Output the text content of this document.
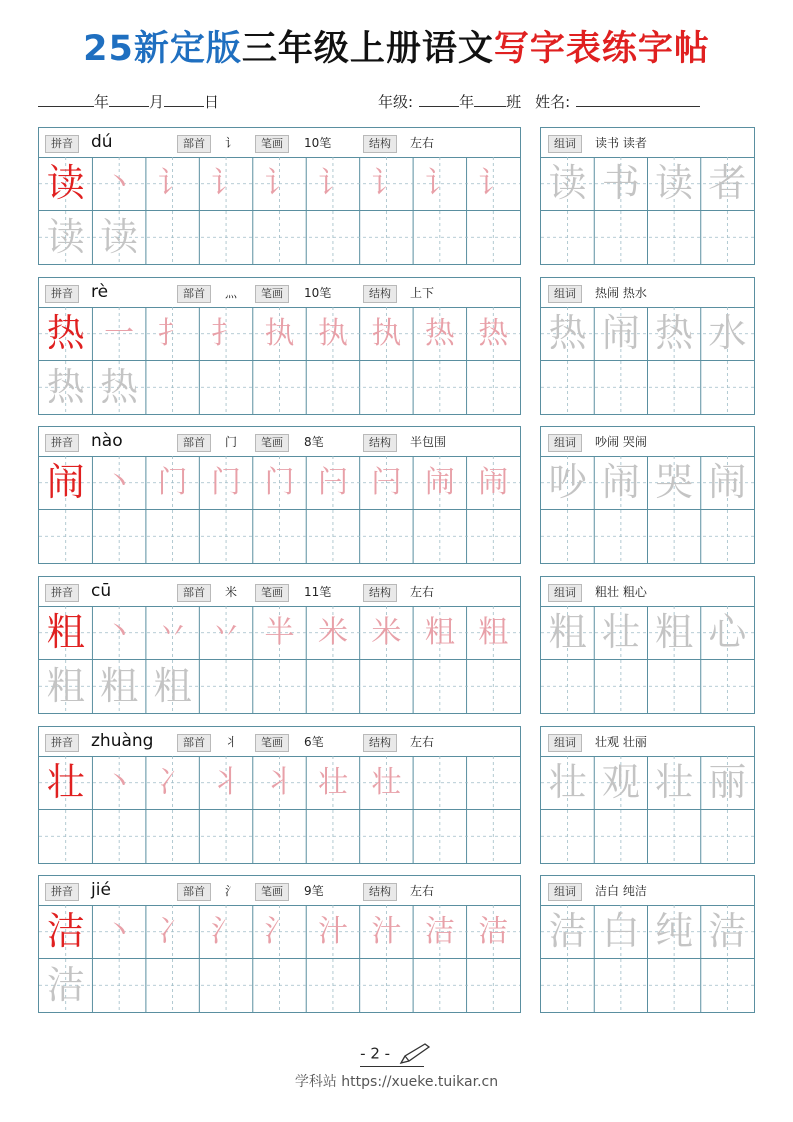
25新定版三年级上册语文写字表练字帖
年	月	日	年级:	年 班 姓名:
拼音	dú	部首	讠	笔画	10笔	结构	左右
读 丶 讠 讠 讠 讠 讠 讠 讠
读 读
组词	读书 读者
读 书 读 者
拼音	rè	部首	灬	笔画	10笔	结构	上下
热 一 扌 扌 执 执 执 热 热
热 热
组词	热闹 热水
热 闹 热 水
拼音	nào	部首	门	笔画	8笔	结构	半包围
闹 丶 门 门 门 闩 闩 闹 闹
组词	吵闹 哭闹
吵 闹 哭 闹
拼音	cū	部首	米	笔画	11笔	结构	左右
粗 丶 丷 丷 半 米 米 粗 粗
粗 粗 粗
组词	粗壮 粗心
粗 壮 粗 心
拼音	zhuàng	部首	丬	笔画	6笔	结构	左右
壮 丶 冫 丬 丬 壮 壮
组词	壮观 壮丽
壮 观 壮 丽
拼音	jié	部首	氵	笔画	9笔	结构	左右
洁 丶 冫 氵 氵 汁 汁 洁 洁
洁
组词	洁白 纯洁
洁 白 纯 洁
- 2 -
学科站 https://xueke.tuikar.cn
